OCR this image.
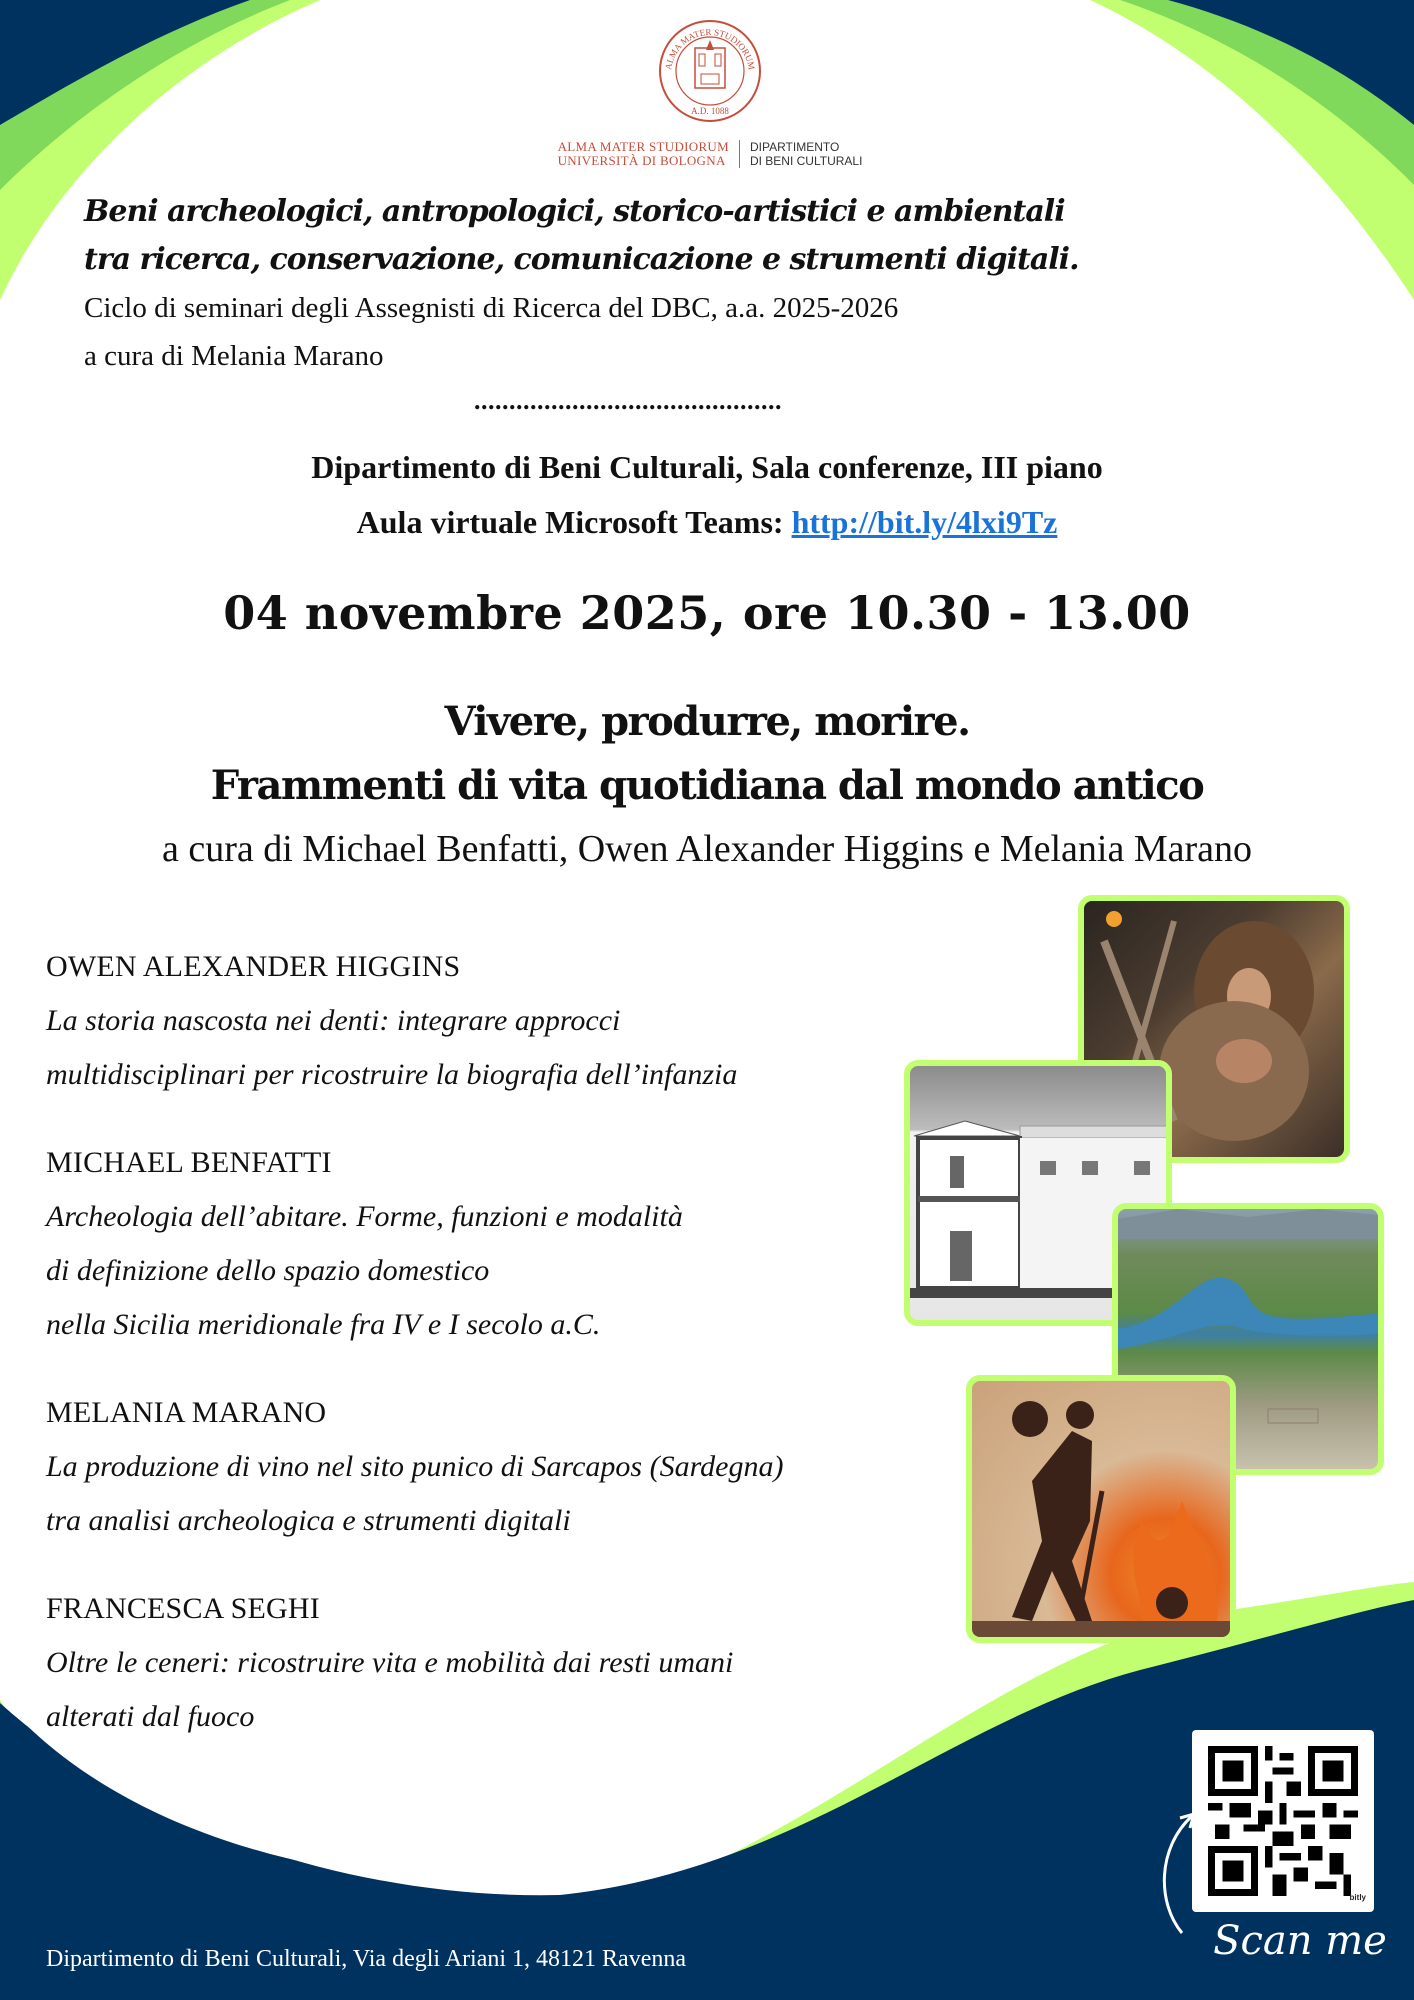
ALMA MATER STUDIORUM
A.D. 1088
ALMA MATER STUDIORUM
UNIVERSITÀ DI BOLOGNA
DIPARTIMENTO
DI BENI CULTURALI

Beni archeologici, antropologici, storico-artistici e ambientali

tra ricerca, conservazione, comunicazione e strumenti digitali.

Ciclo di seminari degli Assegnisti di Ricerca del DBC, a.a. 2025-2026

a cura di Melania Marano

............................................

Dipartimento di Beni Culturali, Sala conferenze, III piano

Aula virtuale Microsoft Teams: http://bit.ly/4lxi9Tz

04 novembre 2025, ore 10.30 - 13.00
Vivere, produrre, morire.
Frammenti di vita quotidiana dal mondo antico
a cura di Michael Benfatti, Owen Alexander Higgins e Melania Marano
OWEN ALEXANDER HIGGINS
La storia nascosta nei denti: integrare approcci
multidisciplinari per ricostruire la biografia dell’infanzia
MICHAEL BENFATTI
Archeologia dell’abitare. Forme, funzioni e modalità
di definizione dello spazio domestico
nella Sicilia meridionale fra IV e I secolo a.C.
MELANIA MARANO
La produzione di vino nel sito punico di Sarcapos (Sardegna)
tra analisi archeologica e strumenti digitali
FRANCESCA SEGHI
Oltre le ceneri: ricostruire vita e mobilità dai resti umani
alterati dal fuoco
bitly
Scan me
Dipartimento di Beni Culturali, Via degli Ariani 1, 48121 Ravenna
